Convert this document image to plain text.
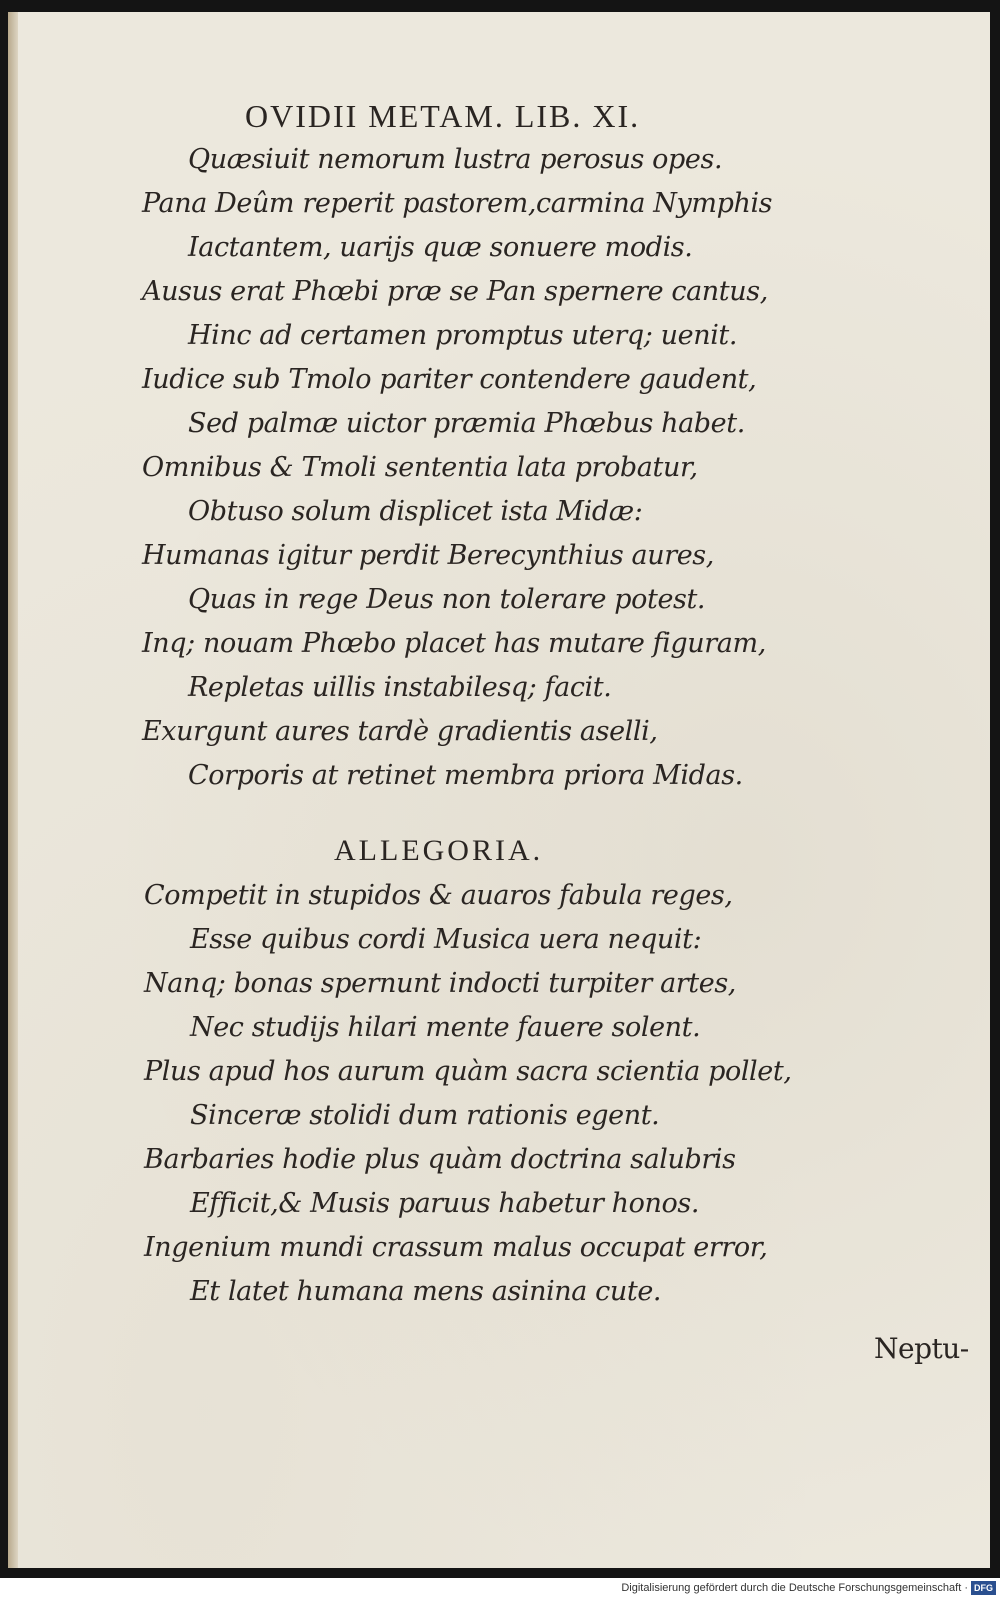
OVIDII METAM. LIB. XI.
Quæsiuit nemorum lustra perosus opes.
Pana Deûm reperit pastorem,carmina Nymphis
Iactantem, uarijs quæ sonuere modis.
Ausus erat Phœbi præ se Pan spernere cantus,
Hinc ad certamen promptus uterq; uenit.
Iudice sub Tmolo pariter contendere gaudent,
Sed palmæ uictor præmia Phœbus habet.
Omnibus & Tmoli sententia lata probatur,
Obtuso solum displicet ista Midæ:
Humanas igitur perdit Berecynthius aures,
Quas in rege Deus non tolerare potest.
Inq; nouam Phœbo placet has mutare figuram,
Repletas uillis instabilesq; facit.
Exurgunt aures tardè gradientis aselli,
Corporis at retinet membra priora Midas.
ALLEGORIA.
Competit in stupidos & auaros fabula reges,
Esse quibus cordi Musica uera nequit:
Nanq; bonas spernunt indocti turpiter artes,
Nec studijs hilari mente fauere solent.
Plus apud hos aurum quàm sacra scientia pollet,
Sinceræ stolidi dum rationis egent.
Barbaries hodie plus quàm doctrina salubris
Efficit,& Musis paruus habetur honos.
Ingenium mundi crassum malus occupat error,
Et latet humana mens asinina cute.
Neptu-
Digitalisierung gefördert durch die Deutsche Forschungsgemeinschaft · DFG
